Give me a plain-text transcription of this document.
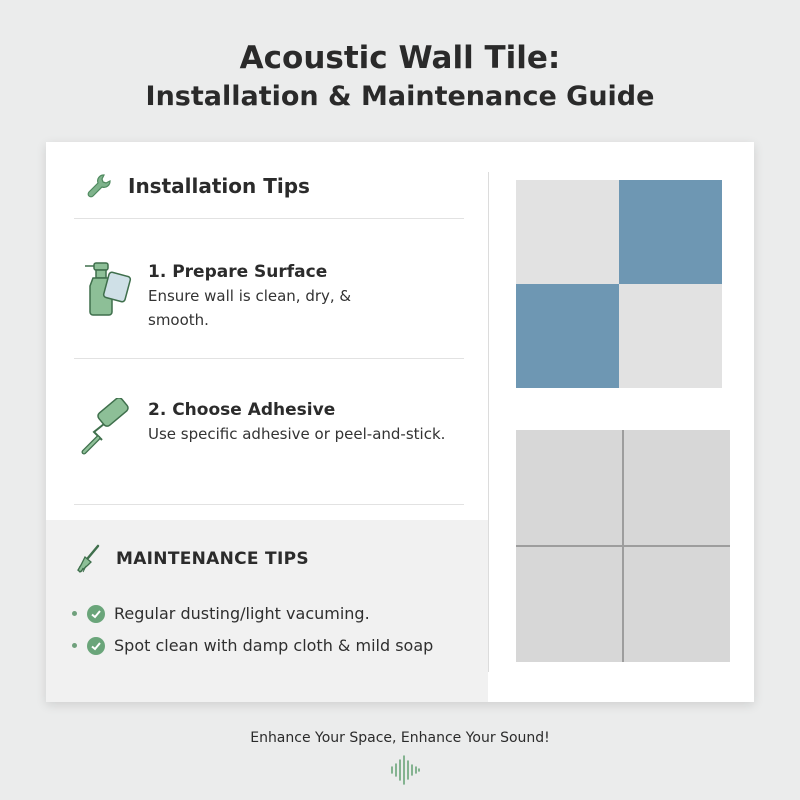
Acoustic Wall Tile:
Installation & Maintenance Guide
Installation Tips
1. Prepare Surface
Ensure wall is clean, dry, &
smooth.
2. Choose Adhesive
Use specific adhesive or peel-and-stick.
MAINTENANCE TIPS
Regular dusting/light vacuming.
Spot clean with damp cloth & mild soap
Enhance Your Space, Enhance Your Sound!
